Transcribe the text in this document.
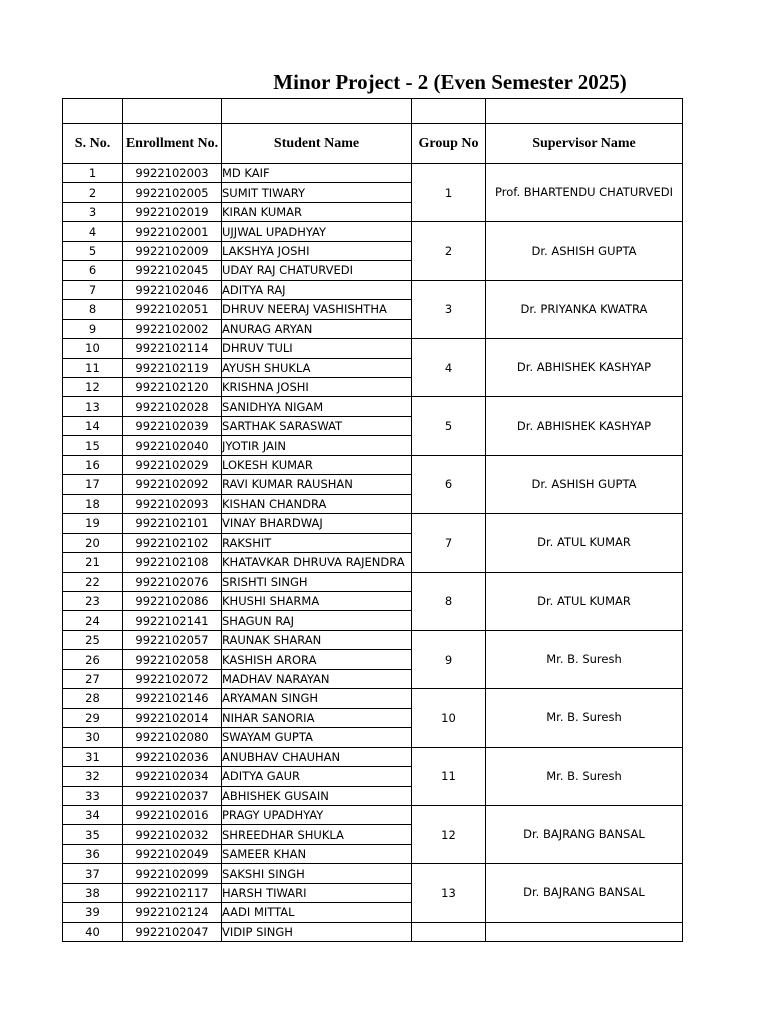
Minor Project - 2 (Even Semester 2025)

S. No.	Enrollment No.	Student Name	Group No	Supervisor Name
1	9922102003	MD KAIF	1	Prof. BHARTENDU CHATURVEDI
2	9922102005	SUMIT TIWARY		
3	9922102019	KIRAN KUMAR		
4	9922102001	UJJWAL UPADHYAY	2	Dr. ASHISH GUPTA
5	9922102009	LAKSHYA JOSHI		
6	9922102045	UDAY RAJ CHATURVEDI		
7	9922102046	ADITYA RAJ	3	Dr. PRIYANKA KWATRA
8	9922102051	DHRUV NEERAJ VASHISHTHA		
9	9922102002	ANURAG ARYAN		
10	9922102114	DHRUV TULI	4	Dr. ABHISHEK KASHYAP
11	9922102119	AYUSH SHUKLA		
12	9922102120	KRISHNA JOSHI		
13	9922102028	SANIDHYA NIGAM	5	Dr. ABHISHEK KASHYAP
14	9922102039	SARTHAK SARASWAT		
15	9922102040	JYOTIR JAIN		
16	9922102029	LOKESH KUMAR	6	Dr. ASHISH GUPTA
17	9922102092	RAVI KUMAR RAUSHAN		
18	9922102093	KISHAN CHANDRA		
19	9922102101	VINAY BHARDWAJ	7	Dr. ATUL KUMAR
20	9922102102	RAKSHIT		
21	9922102108	KHATAVKAR DHRUVA RAJENDRA		
22	9922102076	SRISHTI SINGH	8	Dr. ATUL KUMAR
23	9922102086	KHUSHI SHARMA		
24	9922102141	SHAGUN RAJ		
25	9922102057	RAUNAK SHARAN	9	Mr. B. Suresh
26	9922102058	KASHISH ARORA		
27	9922102072	MADHAV NARAYAN		
28	9922102146	ARYAMAN SINGH	10	Mr. B. Suresh
29	9922102014	NIHAR SANORIA		
30	9922102080	SWAYAM GUPTA		
31	9922102036	ANUBHAV CHAUHAN	11	Mr. B. Suresh
32	9922102034	ADITYA GAUR		
33	9922102037	ABHISHEK GUSAIN		
34	9922102016	PRAGY UPADHYAY	12	Dr. BAJRANG BANSAL
35	9922102032	SHREEDHAR SHUKLA		
36	9922102049	SAMEER KHAN		
37	9922102099	SAKSHI SINGH	13	Dr. BAJRANG BANSAL
38	9922102117	HARSH TIWARI		
39	9922102124	AADI MITTAL		
40	9922102047	VIDIP SINGH		
